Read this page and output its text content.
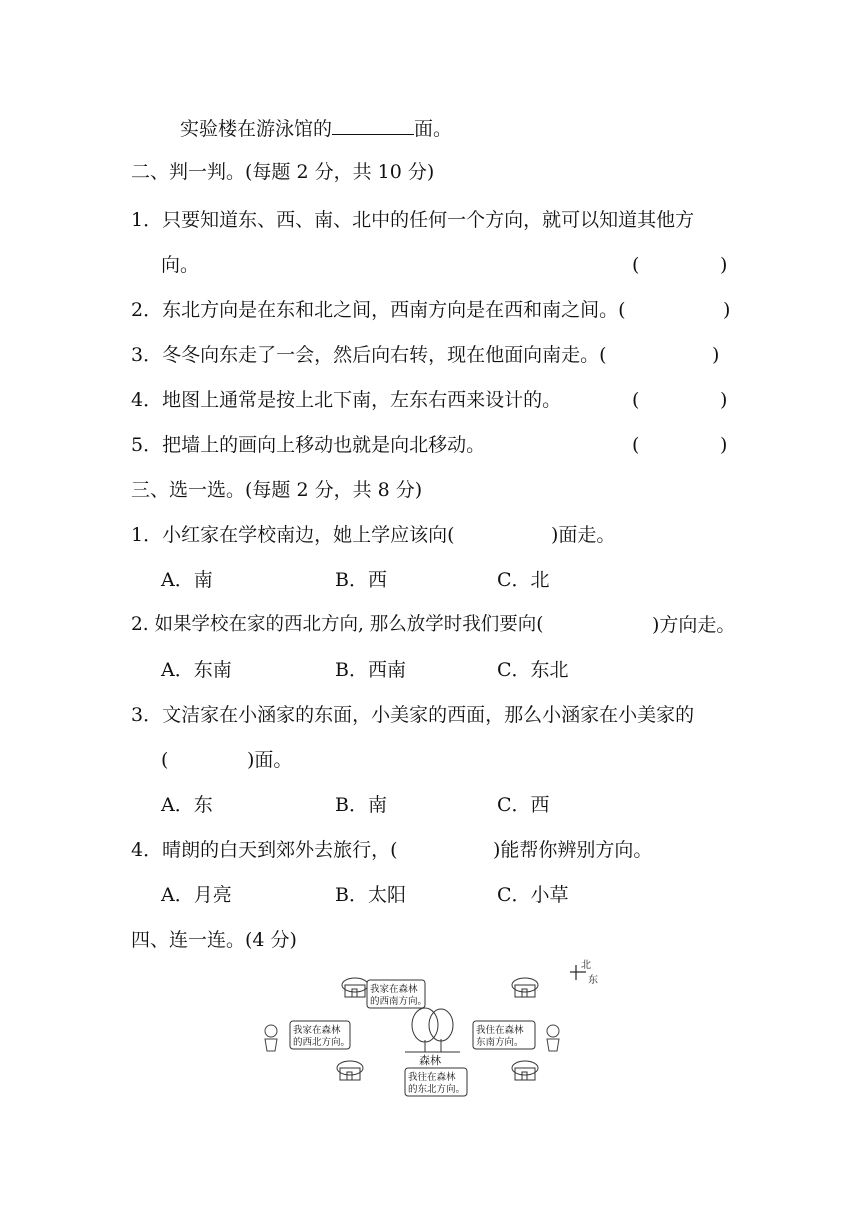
实验楼在游泳馆的	面。
二、判一判。(每题 2 分，共 10 分)
1．只要知道东、西、南、北中的任何一个方向，就可以知道其他方
向。	(	)
2．东北方向是在东和北之间，西南方向是在西和南之间。(	)
3．冬冬向东走了一会，然后向右转，现在他面向南走。(	)
4．地图上通常是按上北下南，左东右西来设计的。	(	)
5．把墙上的画向上移动也就是向北移动。	(	)
三、选一选。(每题 2 分，共 8 分)
1．小红家在学校南边，她上学应该向(	)面走。
A．南	B．西	C．北
2. 如果学校在家的西北方向, 那么放学时我们要向(	)方向走。
A．东南	B．西南	C．东北
3．文洁家在小涵家的东面，小美家的西面，那么小涵家在小美家的
(	)面。
A．东	B．南	C．西
4．晴朗的白天到郊外去旅行，(	)能帮你辨别方向。
A．月亮	B．太阳	C．小草
四、连一连。(4 分)
北
东
森林
我家在森林
的西南方向。
我家在森林
的西北方向。
我住在森林
东南方向。
我往在森林
的东北方向。
